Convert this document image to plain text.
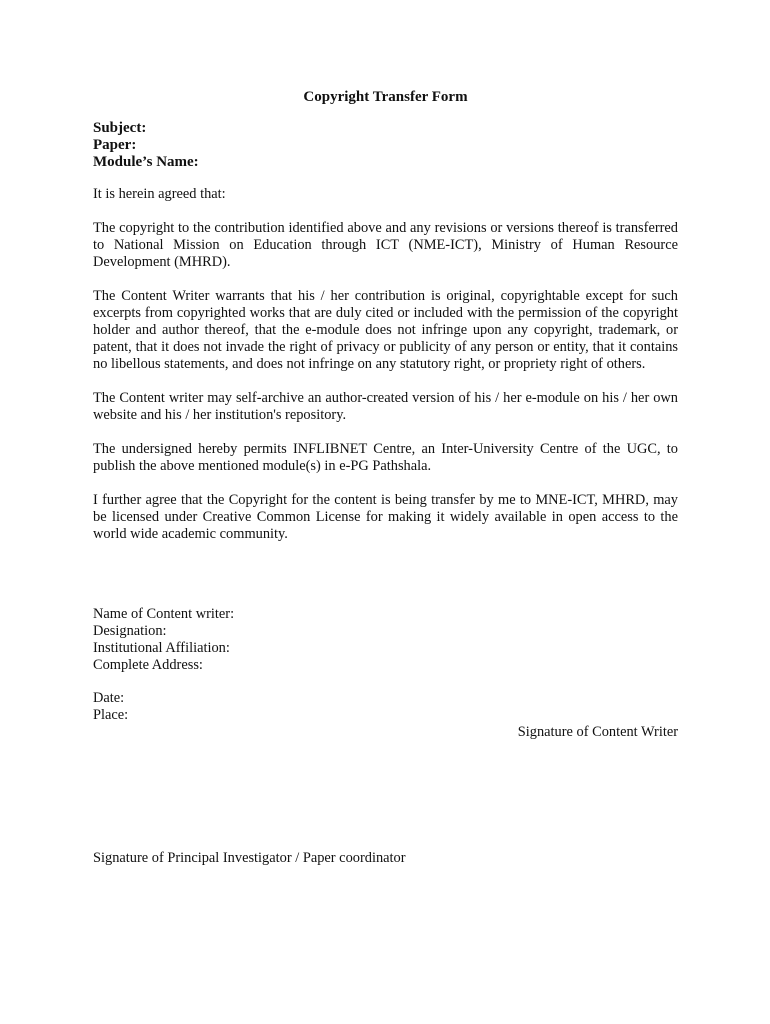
Copyright Transfer Form
Subject:
Paper:
Module’s Name:

It is herein agreed that:

The copyright to the contribution identified above and any revisions or versions thereof is transferred to National Mission on Education through ICT (NME-ICT), Ministry of Human Resource Development (MHRD).

The Content Writer warrants that his / her contribution is original, copyrightable except for such excerpts from copyrighted works that are duly cited or included with the permission of the copyright holder and author thereof, that the e-module does not infringe upon any copyright, trademark, or patent, that it does not invade the right of privacy or publicity of any person or entity, that it contains no libellous statements, and does not infringe on any statutory right, or propriety right of others.

The Content writer may self-archive an author-created version of his / her e-module on his / her own website and his / her institution's repository.

The undersigned hereby permits INFLIBNET Centre, an Inter-University Centre of the UGC, to publish the above mentioned module(s) in e-PG Pathshala.

I further agree that the Copyright for the content is being transfer by me to MNE-ICT, MHRD, may be licensed under Creative Common License for making it widely available in open access to the world wide academic community.

Name of Content writer:
Designation:
Institutional Affiliation:
Complete Address:
Date:
Place:
Signature of Content Writer
Signature of Principal Investigator / Paper coordinator
